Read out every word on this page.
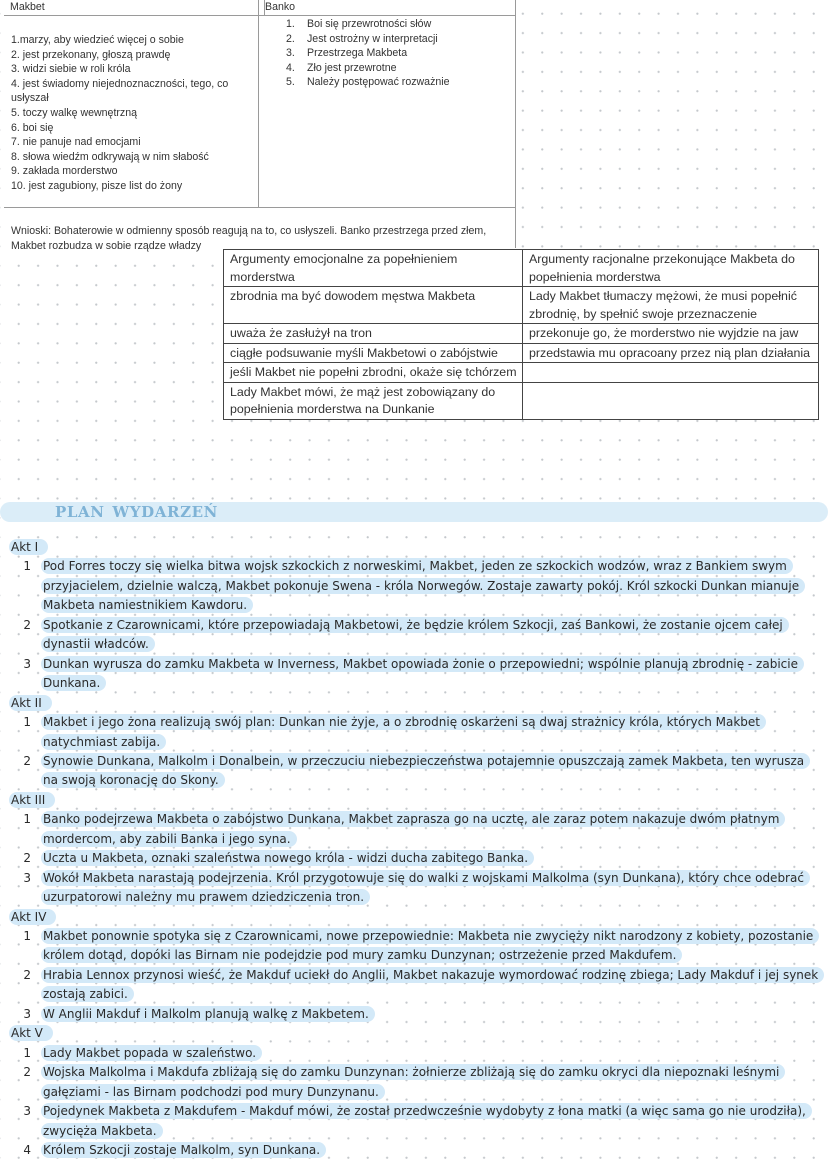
Makbet	Banko
1.marzy, aby wiedzieć więcej o sobie
2. jest przekonany, głoszą prawdę
3. widzi siebie w roli króla
4. jest świadomy niejednoznaczności, tego, co usłyszał
5. toczy walkę wewnętrzną
6. boi się
7. nie panuje nad emocjami
8. słowa wiedźm odkrywają w nim słabość
9. zakłada morderstwo
10. jest zagubiony, pisze list do żony
1.	Boi się przewrotności słów
2.	Jest ostrożny w interpretacji
3.	Przestrzega Makbeta
4.	Zło jest przewrotne
5.	Należy postępować rozważnie
Wnioski: Bohaterowie w odmienny sposób reagują na to, co usłyszeli. Banko przestrzega przed złem, Makbet rozbudza w sobie rządze władzy
Argumenty emocjonalne za popełnieniem morderstwa	Argumenty racjonalne przekonujące Makbeta do popełnienia morderstwa
zbrodnia ma być dowodem męstwa Makbeta	Lady Makbet tłumaczy mężowi, że musi popełnić zbrodnię, by spełnić swoje przeznaczenie
uważa że zasłużył na tron	przekonuje go, że morderstwo nie wyjdzie na jaw
ciągłe podsuwanie myśli Makbetowi o zabójstwie	przedstawia mu opracoany przez nią plan działania
jeśli Makbet nie popełni zbrodni, okaże się tchórzem	
Lady Makbet mówi, że mąż jest zobowiązany do popełnienia morderstwa na Dunkanie	
PLAN WYDARZEŃ
Akt I
1	Pod Forres toczy się wielka bitwa wojsk szkockich z norweskimi, Makbet, jeden ze szkockich wodzów, wraz z Bankiem swym przyjacielem, dzielnie walczą, Makbet pokonuje Swena - króla Norwegów. Zostaje zawarty pokój. Król szkocki Dunkan mianuje Makbeta namiestnikiem Kawdoru.
2	Spotkanie z Czarownicami, które przepowiadają Makbetowi, że będzie królem Szkocji, zaś Bankowi, że zostanie ojcem całej dynastii władców.
3	Dunkan wyrusza do zamku Makbeta w Inverness, Makbet opowiada żonie o przepowiedni; wspólnie planują zbrodnię - zabicie Dunkana.
Akt II
1	Makbet i jego żona realizują swój plan: Dunkan nie żyje, a o zbrodnię oskarżeni są dwaj strażnicy króla, których Makbet natychmiast zabija.
2	Synowie Dunkana, Malkolm i Donalbein, w przeczuciu niebezpieczeństwa potajemnie opuszczają zamek Makbeta, ten wyrusza na swoją koronację do Skony.
Akt III
1	Banko podejrzewa Makbeta o zabójstwo Dunkana, Makbet zaprasza go na ucztę, ale zaraz potem nakazuje dwóm płatnym mordercom, aby zabili Banka i jego syna.
2	Uczta u Makbeta, oznaki szaleństwa nowego króla - widzi ducha zabitego Banka.
3	Wokół Makbeta narastają podejrzenia. Król przygotowuje się do walki z wojskami Malkolma (syn Dunkana), który chce odebrać uzurpatorowi należny mu prawem dziedziczenia tron.
Akt IV
1	Makbet ponownie spotyka się z Czarownicami, nowe przepowiednie: Makbeta nie zwycięży nikt narodzony z kobiety, pozostanie królem dotąd, dopóki las Birnam nie podejdzie pod mury zamku Dunzynan; ostrzeżenie przed Makdufem.
2	Hrabia Lennox przynosi wieść, że Makduf uciekł do Anglii, Makbet nakazuje wymordować rodzinę zbiega; Lady Makduf i jej synek zostają zabici.
3	W Anglii Makduf i Malkolm planują walkę z Makbetem.
Akt V
1	Lady Makbet popada w szaleństwo.
2	Wojska Malkolma i Makdufa zbliżają się do zamku Dunzynan: żołnierze zbliżają się do zamku okryci dla niepoznaki leśnymi gałęziami - las Birnam podchodzi pod mury Dunzynanu.
3	Pojedynek Makbeta z Makdufem - Makduf mówi, że został przedwcześnie wydobyty z łona matki (a więc sama go nie urodziła), zwycięża Makbeta.
4	Królem Szkocji zostaje Malkolm, syn Dunkana.
